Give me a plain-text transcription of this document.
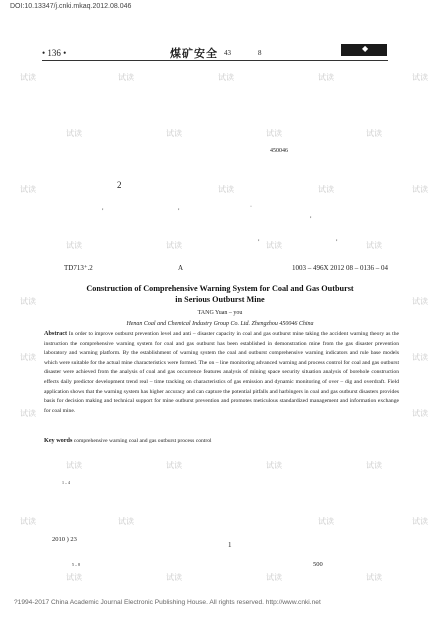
DOI:10.13347/j.cnki.mkaq.2012.08.046
• 136 •	煤矿安全 43	8	◆
试读	试读	试读	试读	试读
试读	试读	试读	试读
试读	试读	试读	试读
试读	试读	试读	试读
试读	试读
试读	试读
试读	试读
试读	试读	试读	试读
试读	试读	试读	试读
试读	试读	试读	试读
450046
2
,	,	·
,
,	,
TD713⁺.2	A	1003 – 496X 2012 08 – 0136 – 04
Construction of Comprehensive Warning System for Coal and Gas Outburst
in Serious Outburst Mine
TANG Yuan – you
Henan Coal and Chemical Industry Group Co. Ltd. Zhengzhou 450046 China
Abstract In order to improve outburst prevention level and anti – disaster capacity in coal and gas outburst mine taking the accident warning theory as the instruction the comprehensive warning system for coal and gas outburst has been established in demonstration mine from the gas disaster prevention laboratory and warning platform. By the establishment of warning system the coal and outburst comprehensive warning indicators and rule base models which were suitable for the actual mine characteristics were formed. The on – line monitoring advanced warning and process control for coal and gas outburst disaster were achieved from the analysis of coal and gas occurrence features analysis of mining space security situation analysis of borehole construction effects daily predictor development trend real – time tracking on characteristics of gas emission and dynamic monitoring of over – dig and overdraft. Field application shows that the warning system has higher accuracy and can capture the potential pitfalls and harbingers in coal and gas outburst disasters provides basis for decision making and technical support for mine outburst prevention and promotes meticulous standardized management and information exchange for coal mine.
Key words comprehensive warning coal and gas outburst process control
1 – 4
2010 ) 23
1
5 – 8	500
?1994-2017 China Academic Journal Electronic Publishing House. All rights reserved. http://www.cnki.net
